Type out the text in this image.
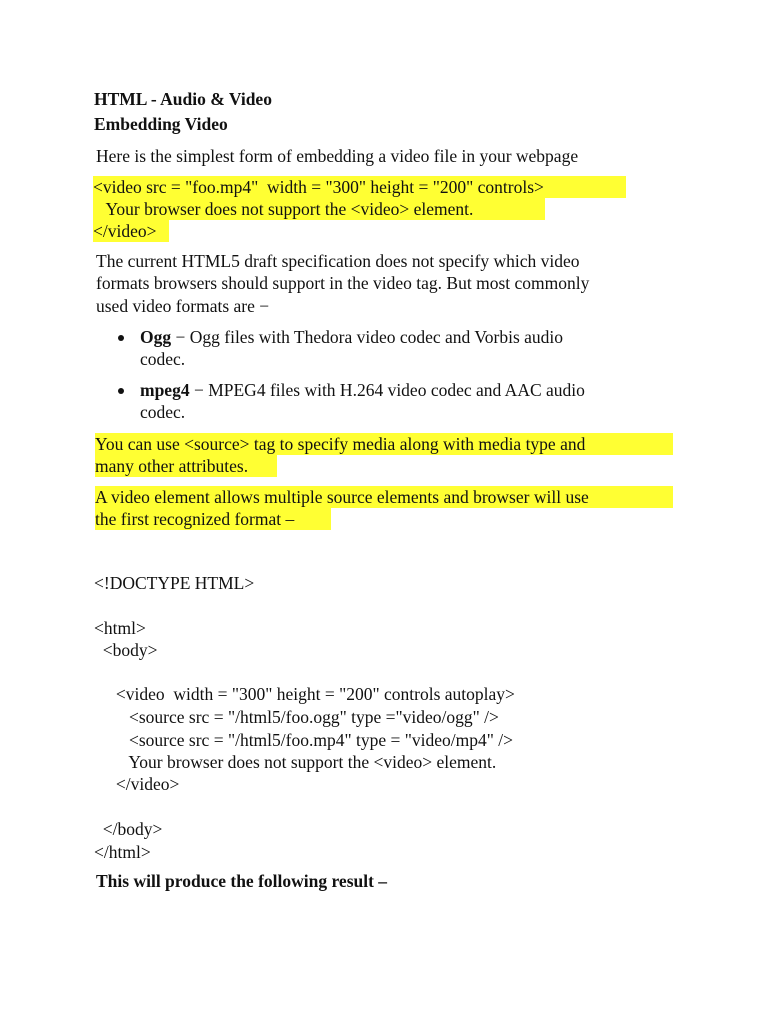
HTML - Audio & Video
Embedding Video
Here is the simplest form of embedding a video file in your webpage
<video src = "foo.mp4"  width = "300" height = "200" controls>
Your browser does not support the <video> element.
</video>
The current HTML5 draft specification does not specify which video
formats browsers should support in the video tag. But most commonly
used video formats are −
Ogg − Ogg files with Thedora video codec and Vorbis audio
codec.
mpeg4 − MPEG4 files with H.264 video codec and AAC audio
codec.
You can use <source> tag to specify media along with media type and
many other attributes.
A video element allows multiple source elements and browser will use
the first recognized format –
<!DOCTYPE HTML>
<html>
<body>
<video  width = "300" height = "200" controls autoplay>
<source src = "/html5/foo.ogg" type ="video/ogg" />
<source src = "/html5/foo.mp4" type = "video/mp4" />
Your browser does not support the <video> element.
</video>
</body>
</html>
This will produce the following result –
